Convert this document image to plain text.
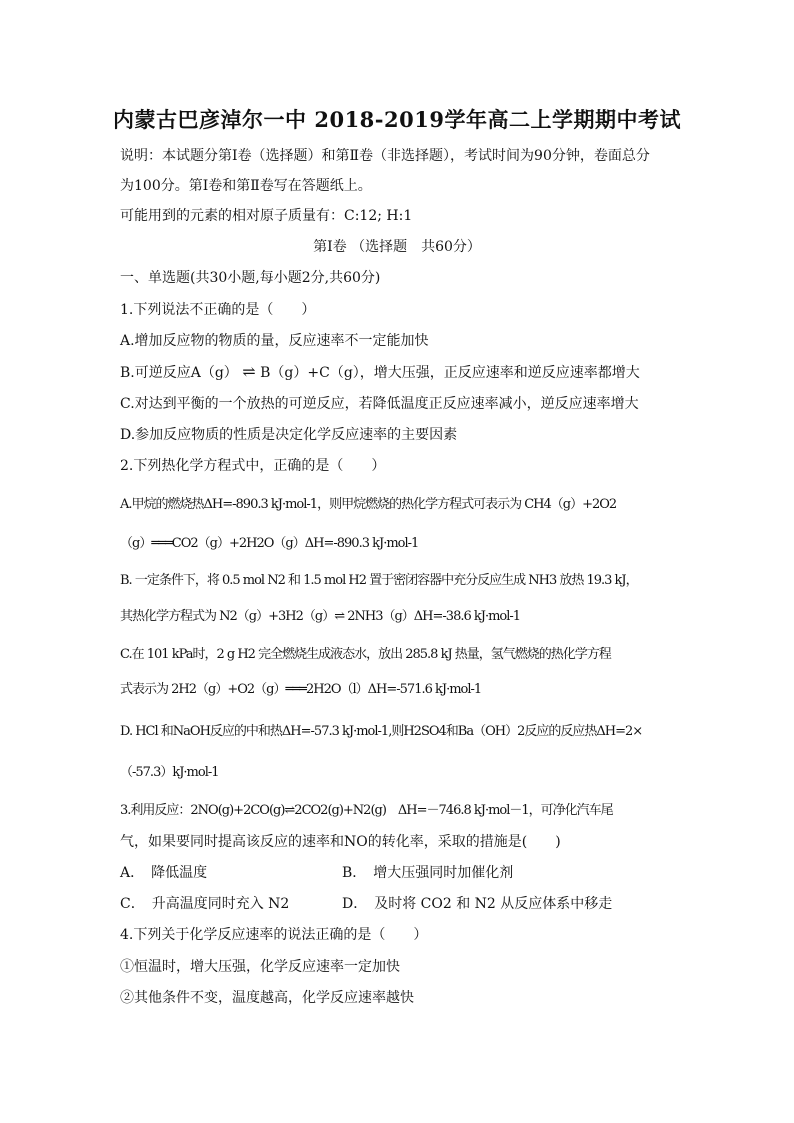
内蒙古巴彦淖尔一中 2018-2019学年高二上学期期中考试
说明：本试题分第Ⅰ卷（选择题）和第Ⅱ卷（非选择题），考试时间为90分钟，卷面总分
为100分。第Ⅰ卷和第Ⅱ卷写在答题纸上。
可能用到的元素的相对原子质量有：C:12; H:1
第Ⅰ卷 （选择题　共60分）
一、单选题(共30小题,每小题2分,共60分)
1.下列说法不正确的是（　　）
A.增加反应物的物质的量，反应速率不一定能加快
B.可逆反应A（g） ⇌ B（g）+C（g），增大压强，正反应速率和逆反应速率都增大
C.对达到平衡的一个放热的可逆反应，若降低温度正反应速率减小，逆反应速率增大
D.参加反应物质的性质是决定化学反应速率的主要因素
2.下列热化学方程式中，正确的是（　　）
A.甲烷的燃烧热ΔH=-890.3 kJ·mol-1，则甲烷燃烧的热化学方程式可表示为 CH4（g）+2O2
（g）═══CO2（g）+2H2O（g）ΔH=-890.3 kJ·mol-1
B. 一定条件下，将 0.5 mol N2 和 1.5 mol H2 置于密闭容器中充分反应生成 NH3 放热 19.3 kJ，
其热化学方程式为 N2（g）+3H2（g）⇌ 2NH3（g）ΔH=-38.6 kJ·mol-1
C.在 101 kPa时，2 g H2 完全燃烧生成液态水，放出 285.8 kJ 热量，氢气燃烧的热化学方程
式表示为 2H2（g）+O2（g）═══2H2O（l）ΔH=-571.6 kJ·mol-1
D. HCl 和NaOH反应的中和热ΔH=-57.3 kJ·mol-1,则H2SO4和Ba（OH）2反应的反应热ΔH=2×
（-57.3）kJ·mol-1
3.利用反应：2NO(g)+2CO(g)⇌2CO2(g)+N2(g)　ΔH=－746.8 kJ·mol－1，可净化汽车尾
气，如果要同时提高该反应的速率和NO的转化率，采取的措施是(　　)
A．　降低温度	B．　增大压强同时加催化剂
C．　升高温度同时充入 N2	D．　及时将 CO2 和 N2 从反应体系中移走
4.下列关于化学反应速率的说法正确的是（　　）
①恒温时，增大压强，化学反应速率一定加快
②其他条件不变，温度越高，化学反应速率越快
